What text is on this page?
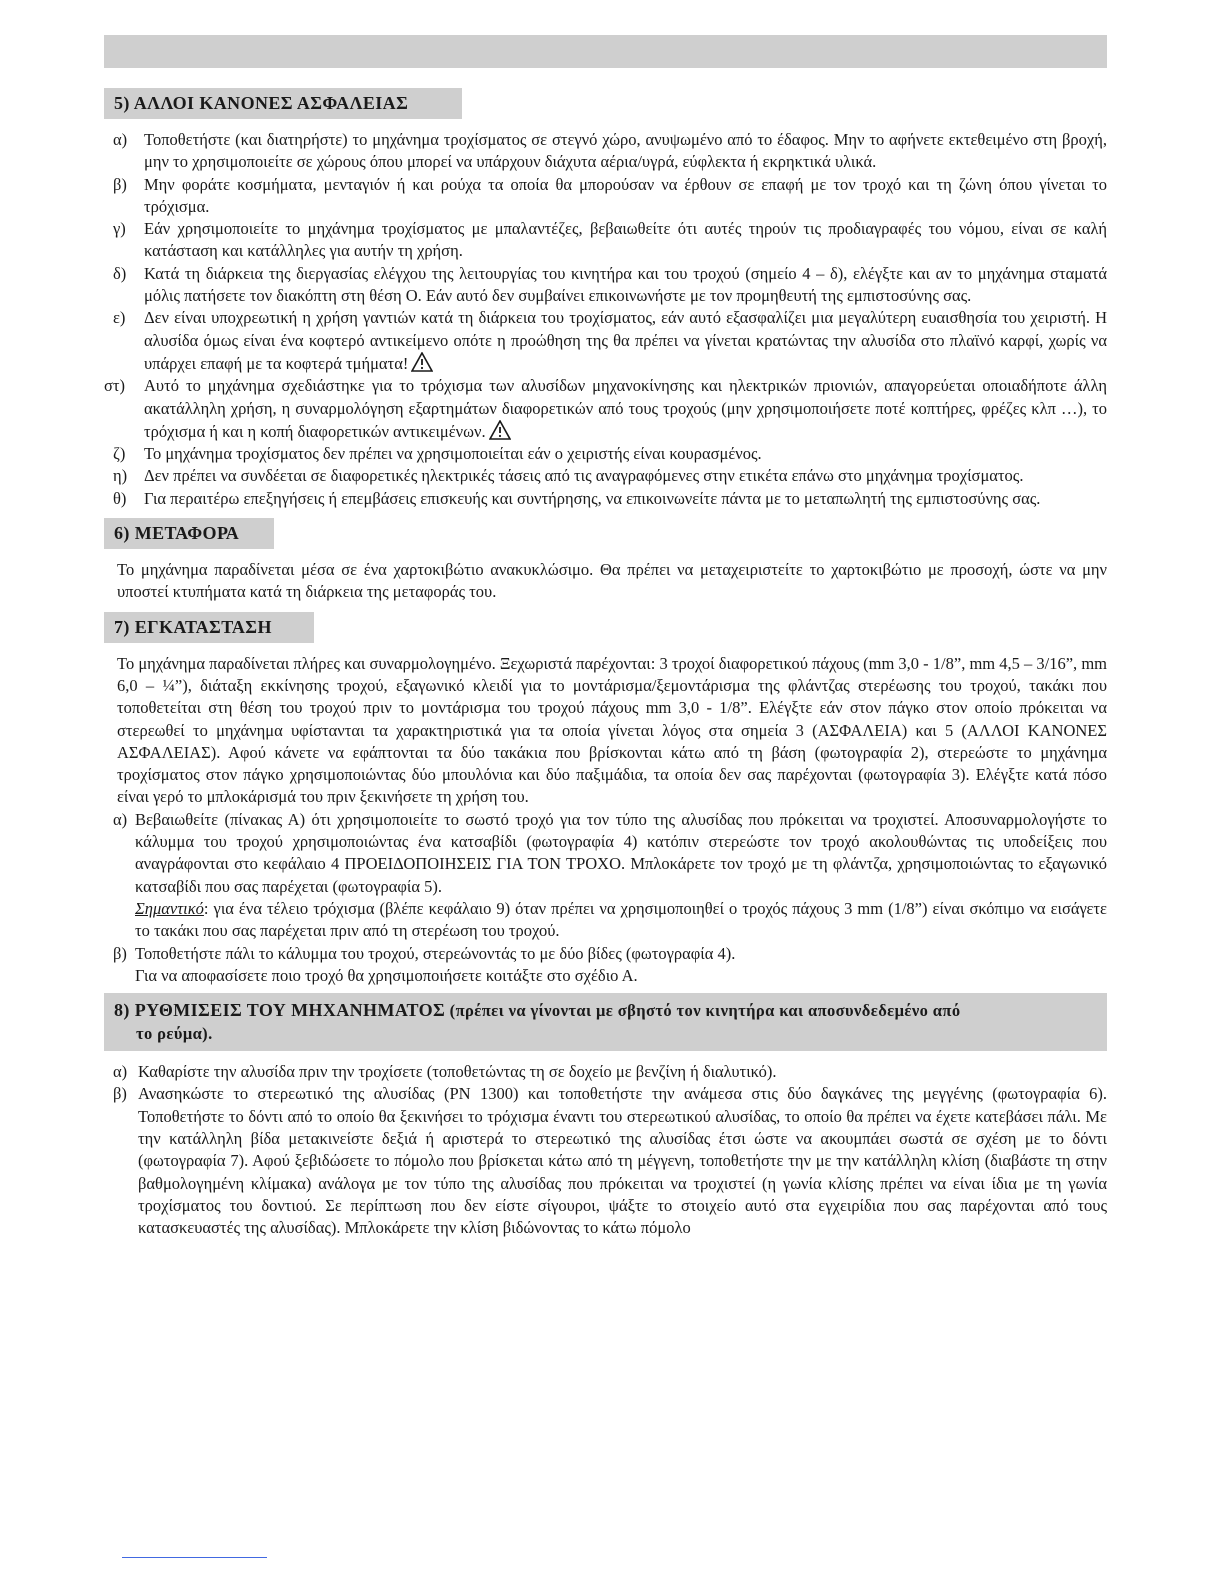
5) ΑΛΛΟΙ ΚΑΝΟΝΕΣ ΑΣΦΑΛΕΙΑΣ
α) Τοποθετήστε (και διατηρήστε) το μηχάνημα τροχίσματος σε στεγνό χώρο, ανυψωμένο από το έδαφος. Μην το αφήνετε εκτεθειμένο στη βροχή, μην το χρησιμοποιείτε σε χώρους όπου μπορεί να υπάρχουν διάχυτα αέρια/υγρά, εύφλεκτα ή εκρηκτικά υλικά.
β) Μην φοράτε κοσμήματα, μενταγιόν ή και ρούχα τα οποία θα μπορούσαν να έρθουν σε επαφή με τον τροχό και τη ζώνη όπου γίνεται το τρόχισμα.
γ) Εάν χρησιμοποιείτε το μηχάνημα τροχίσματος με μπαλαντέζες, βεβαιωθείτε ότι αυτές τηρούν τις προδιαγραφές του νόμου, είναι σε καλή κατάσταση και κατάλληλες για αυτήν τη χρήση.
δ) Κατά τη διάρκεια της διεργασίας ελέγχου της λειτουργίας του κινητήρα και του τροχού (σημείο 4 – δ), ελέγξτε και αν το μηχάνημα σταματά μόλις πατήσετε τον διακόπτη στη θέση Ο. Εάν αυτό δεν συμβαίνει επικοινωνήστε με τον προμηθευτή της εμπιστοσύνης σας.
ε) Δεν είναι υποχρεωτική η χρήση γαντιών κατά τη διάρκεια του τροχίσματος, εάν αυτό εξασφαλίζει μια μεγαλύτερη ευαισθησία του χειριστή. Η αλυσίδα όμως είναι ένα κοφτερό αντικείμενο οπότε η προώθηση της θα πρέπει να γίνεται κρατώντας την αλυσίδα στο πλαϊνό καρφί, χωρίς να υπάρχει επαφή με τα κοφτερά τμήματα!
στ) Αυτό το μηχάνημα σχεδιάστηκε για το τρόχισμα των αλυσίδων μηχανοκίνησης και ηλεκτρικών πριονιών, απαγορεύεται οποιαδήποτε άλλη ακατάλληλη χρήση, η συναρμολόγηση εξαρτημάτων διαφορετικών από τους τροχούς (μην χρησιμοποιήσετε ποτέ κοπτήρες, φρέζες κλπ …), το τρόχισμα ή και η κοπή διαφορετικών αντικειμένων.
ζ) Το μηχάνημα τροχίσματος δεν πρέπει να χρησιμοποιείται εάν ο χειριστής είναι κουρασμένος.
η) Δεν πρέπει να συνδέεται σε διαφορετικές ηλεκτρικές τάσεις από τις αναγραφόμενες στην ετικέτα επάνω στο μηχάνημα τροχίσματος.
θ) Για περαιτέρω επεξηγήσεις ή επεμβάσεις επισκευής και συντήρησης, να επικοινωνείτε πάντα με το μεταπωλητή της εμπιστοσύνης σας.
6) ΜΕΤΑΦΟΡΑ

Το μηχάνημα παραδίνεται μέσα σε ένα χαρτοκιβώτιο ανακυκλώσιμο. Θα πρέπει να μεταχειριστείτε το χαρτοκιβώτιο με προσοχή, ώστε να μην υποστεί κτυπήματα κατά τη διάρκεια της μεταφοράς του.

7) ΕΓΚΑΤΑΣΤΑΣΗ

Το μηχάνημα παραδίνεται πλήρες και συναρμολογημένο. Ξεχωριστά παρέχονται: 3 τροχοί διαφορετικού πάχους (mm 3,0 - 1/8”, mm 4,5 – 3/16”, mm 6,0 – ¼”), διάταξη εκκίνησης τροχού, εξαγωνικό κλειδί για το μοντάρισμα/ξεμοντάρισμα της φλάντζας στερέωσης του τροχού, τακάκι που τοποθετείται στη θέση του τροχού πριν το μοντάρισμα του τροχού πάχους mm 3,0 - 1/8”. Ελέγξτε εάν στον πάγκο στον οποίο πρόκειται να στερεωθεί το μηχάνημα υφίστανται τα χαρακτηριστικά για τα οποία γίνεται λόγος στα σημεία 3 (ΑΣΦΑΛΕΙΑ) και 5 (ΑΛΛΟΙ ΚΑΝΟΝΕΣ ΑΣΦΑΛΕΙΑΣ). Αφού κάνετε να εφάπτονται τα δύο τακάκια που βρίσκονται κάτω από τη βάση (φωτογραφία 2), στερεώστε το μηχάνημα τροχίσματος στον πάγκο χρησιμοποιώντας δύο μπουλόνια και δύο παξιμάδια, τα οποία δεν σας παρέχονται (φωτογραφία 3). Ελέγξτε κατά πόσο είναι γερό το μπλοκάρισμά του πριν ξεκινήσετε τη χρήση του.

α) Βεβαιωθείτε (πίνακας Α) ότι χρησιμοποιείτε το σωστό τροχό για τον τύπο της αλυσίδας που πρόκειται να τροχιστεί. Αποσυναρμολογήστε το κάλυμμα του τροχού χρησιμοποιώντας ένα κατσαβίδι (φωτογραφία 4) κατόπιν στερεώστε τον τροχό ακολουθώντας τις υποδείξεις που αναγράφονται στο κεφάλαιο 4 ΠΡΟΕΙΔΟΠΟΙΗΣΕΙΣ ΓΙΑ ΤΟΝ ΤΡΟΧΟ. Μπλοκάρετε τον τροχό με τη φλάντζα, χρησιμοποιώντας το εξαγωνικό κατσαβίδι που σας παρέχεται (φωτογραφία 5).
Σημαντικό: για ένα τέλειο τρόχισμα (βλέπε κεφάλαιο 9) όταν πρέπει να χρησιμοποιηθεί ο τροχός πάχους 3 mm (1/8”) είναι σκόπιμο να εισάγετε το τακάκι που σας παρέχεται πριν από τη στερέωση του τροχού.
β) Τοποθετήστε πάλι το κάλυμμα του τροχού, στερεώνοντάς το με δύο βίδες (φωτογραφία 4).
Για να αποφασίσετε ποιο τροχό θα χρησιμοποιήσετε κοιτάξτε στο σχέδιο Α.
8) ΡΥΘΜΙΣΕΙΣ ΤΟΥ ΜΗΧΑΝΗΜΑΤΟΣ (πρέπει να γίνονται με σβηστό τον κινητήρα και αποσυνδεδεμένο από
το ρεύμα).
α) Καθαρίστε την αλυσίδα πριν την τροχίσετε (τοποθετώντας τη σε δοχείο με βενζίνη ή διαλυτικό).
β) Ανασηκώστε το στερεωτικό της αλυσίδας (PN 1300) και τοποθετήστε την ανάμεσα στις δύο δαγκάνες της μεγγένης (φωτογραφία 6). Τοποθετήστε το δόντι από το οποίο θα ξεκινήσει το τρόχισμα έναντι του στερεωτικού αλυσίδας, το οποίο θα πρέπει να έχετε κατεβάσει πάλι. Με την κατάλληλη βίδα μετακινείστε δεξιά ή αριστερά το στερεωτικό της αλυσίδας έτσι ώστε να ακουμπάει σωστά σε σχέση με το δόντι (φωτογραφία 7). Αφού ξεβιδώσετε το πόμολο που βρίσκεται κάτω από τη μέγγενη, τοποθετήστε την με την κατάλληλη κλίση (διαβάστε τη στην βαθμολογημένη κλίμακα) ανάλογα με τον τύπο της αλυσίδας που πρόκειται να τροχιστεί (η γωνία κλίσης πρέπει να είναι ίδια με τη γωνία τροχίσματος του δοντιού. Σε περίπτωση που δεν είστε σίγουροι, ψάξτε το στοιχείο αυτό στα εγχειρίδια που σας παρέχονται από τους κατασκευαστές της αλυσίδας). Μπλοκάρετε την κλίση βιδώνοντας το κάτω πόμολο
